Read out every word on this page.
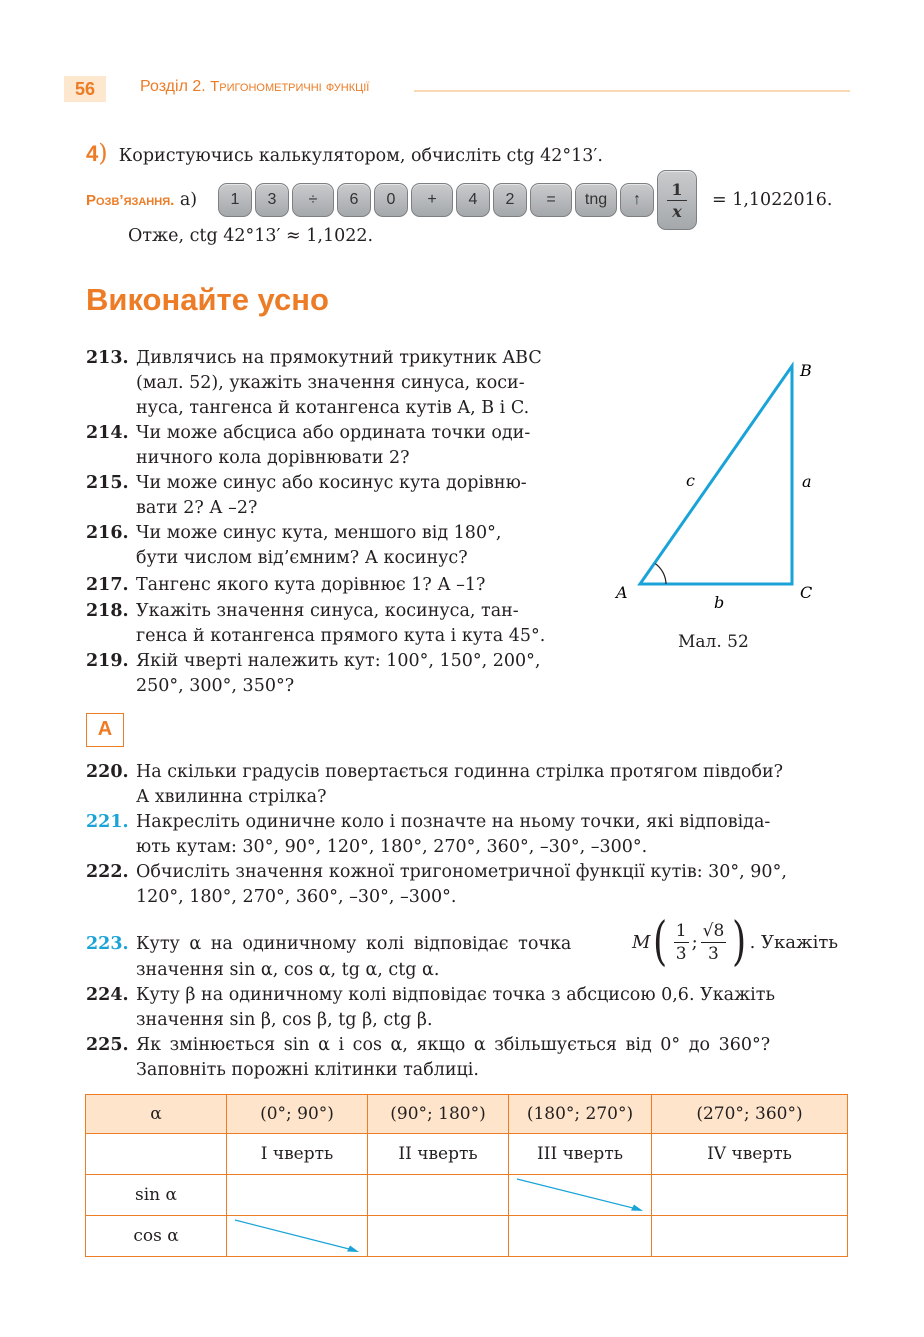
56	Розділ 2. Тригонометричні функції
4) Користуючись калькулятором, обчисліть ctg 42°13′.
Розв’язання. а)	1	3	÷	6	0	+	4	2	=	tng	↑	$\frac{1}{x} = 1,1022016$.
Отже, ctg 42°13′ ≈ 1,1022.
Виконайте усно
213. Дивлячись на прямокутний трикутник ABC
(мал. 52), укажіть значення синуса, коси-
нуса, тангенса й котангенса кутів A, B і C.
214. Чи може абсциса або ордината точки оди-
ничного кола дорівнювати 2?
215. Чи може синус або косинус кута дорівню-
вати 2? А –2?
216. Чи може синус кута, меншого від 180°,
бути числом від’ємним? А косинус?
217. Тангенс якого кута дорівнює 1? А –1?
218. Укажіть значення синуса, косинуса, тан-
генса й котангенса прямого кута і кута 45°.
219. Якій чверті належить кут: 100°, 150°, 200°,
250°, 300°, 350°?
B
A	C
a
b
c
Мал. 52
А
220. На скільки градусів повертається годинна стрілка протягом півдоби?
А хвилинна стрілка?
221. Накресліть одиничне коло і позначте на ньому точки, які відповіда-
ють кутам: 30°, 90°, 120°, 180°, 270°, 360°, –30°, –300°.
222. Обчисліть значення кожної тригонометричної функції кутів: 30°, 90°,
120°, 180°, 270°, 360°, –30°, –300°.
223. Куту α на одиничному колі відповідає точка
значення sin α, cos α, tg α, ctg α.
224. Куту β на одиничному колі відповідає точка з абсцисою 0,6. Укажіть
значення sin β, cos β, tg β, ctg β.
225. Як змінюється sin α і cos α, якщо α збільшується від 0° до 360°?
Заповніть порожні клітинки таблиці.
M ( $\frac{1}{3}$ ; $\frac{√8}{3}$ ) . Укажіть
α	(0°; 90°)	(90°; 180°)	(180°; 270°)	(270°; 360°)
	I чверть	II чверть	III чверть	IV чверть
sin α			

cos α	
